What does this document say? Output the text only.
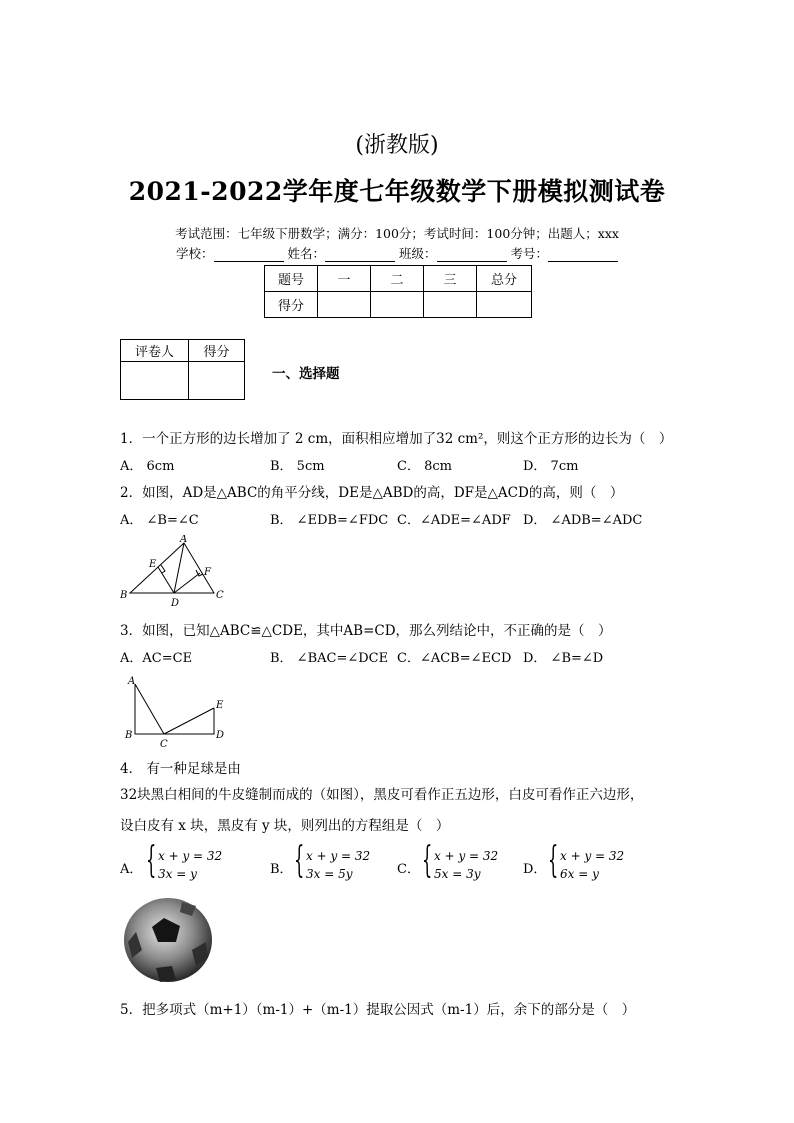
(浙教版)
2021-2022学年度七年级数学下册模拟测试卷
考试范围：七年级下册数学；满分：100分；考试时间：100分钟；出题人；xxx
学校：	姓名：	班级：	考号：
题号	一	二	三	总分
得分				
评卷人	得分

一、选择题
1．一个正方形的边长增加了 2 cm，面积相应增加了32 cm²，则这个正方形的边长为（　）
A． 6cm	B． 5cm	C． 8cm	D． 7cm
2．如图，AD是△ABC的角平分线，DE是△ABD的高，DF是△ACD的高，则（　）
A． ∠B=∠C	B． ∠EDB=∠FDC C．∠ADE=∠ADF D． ∠ADB=∠ADC
A
B	C
D
E
F
3．如图，已知△ABC≌△CDE，其中AB=CD，那么列结论中，不正确的是（　）
A．AC=CE	B． ∠BAC=∠DCE C．∠ACB=∠ECD D． ∠B=∠D
A
B
C
D
E
4． 有一种足球是由
32块黑白相间的牛皮缝制而成的（如图），黑皮可看作正五边形，白皮可看作正六边形，
设白皮有 x 块，黑皮有 y 块，则列出的方程组是（　）
A． { x + y = 32
3x = y	B． { x + y = 32
3x = 5y	C． { x + y = 32
5x = 3y	D． { x + y = 32
6x = y
5．把多项式（m+1）（m-1）+（m-1）提取公因式（m-1）后，余下的部分是（　）
